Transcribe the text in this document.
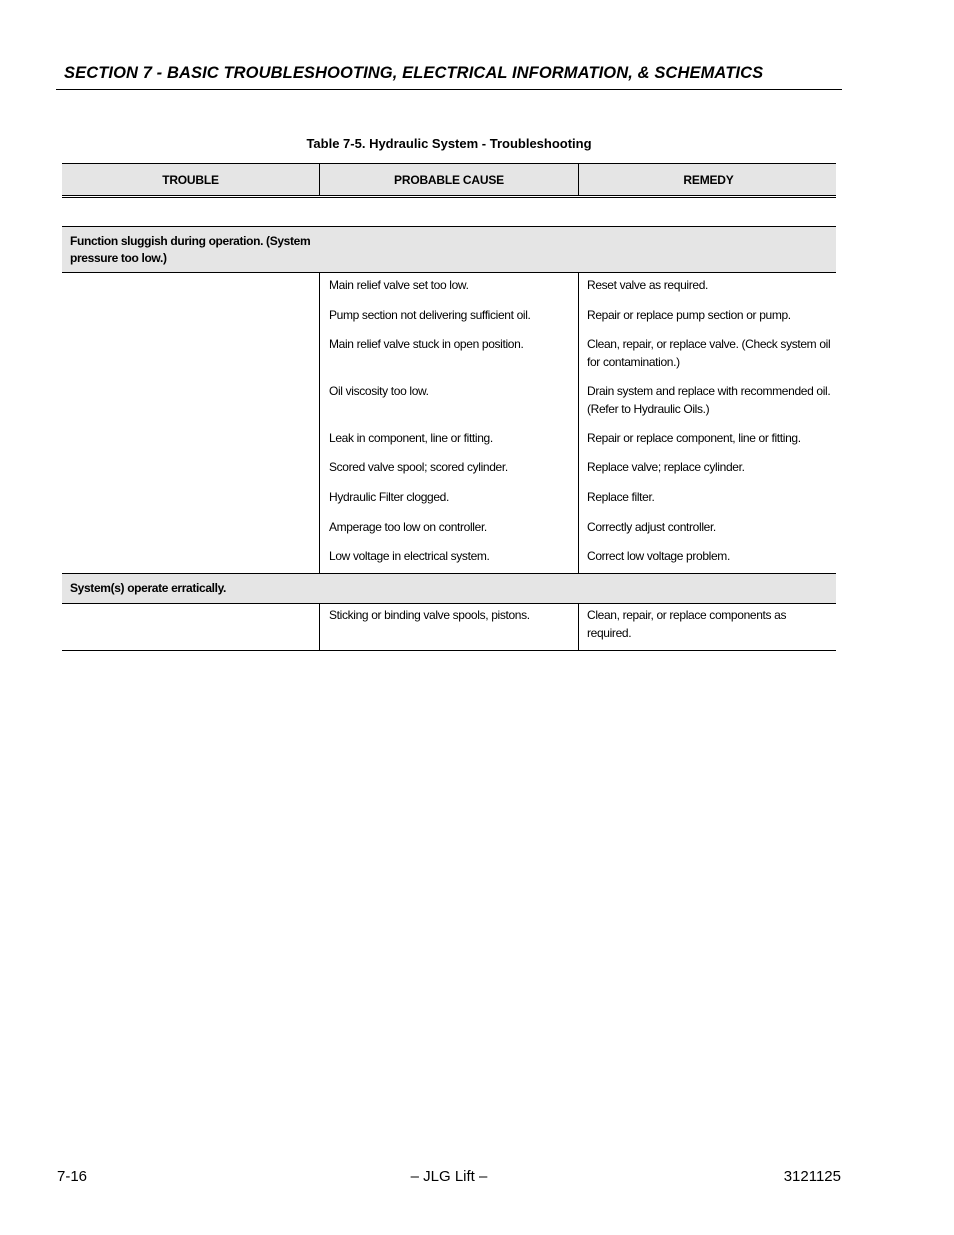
SECTION 7 - BASIC TROUBLESHOOTING, ELECTRICAL INFORMATION, & SCHEMATICS
Table 7-5. Hydraulic System - Troubleshooting
TROUBLE	PROBABLE CAUSE	REMEDY
Function sluggish during operation. (System pressure too low.)
Main relief valve set too low.	Reset valve as required.
Pump section not delivering sufficient oil.	Repair or replace pump section or pump.
Main relief valve stuck in open position.	Clean, repair, or replace valve. (Check system oil for contamination.)
Oil viscosity too low.	Drain system and replace with recommended oil. (Refer to Hydraulic Oils.)
Leak in component, line or fitting.	Repair or replace component, line or fitting.
Scored valve spool; scored cylinder.	Replace valve; replace cylinder.
Hydraulic Filter clogged.	Replace filter.
Amperage too low on controller.	Correctly adjust controller.
Low voltage in electrical system.	Correct low voltage problem.
System(s) operate erratically.
Sticking or binding valve spools, pistons.	Clean, repair, or replace components as required.
7-16	– JLG Lift –	3121125
